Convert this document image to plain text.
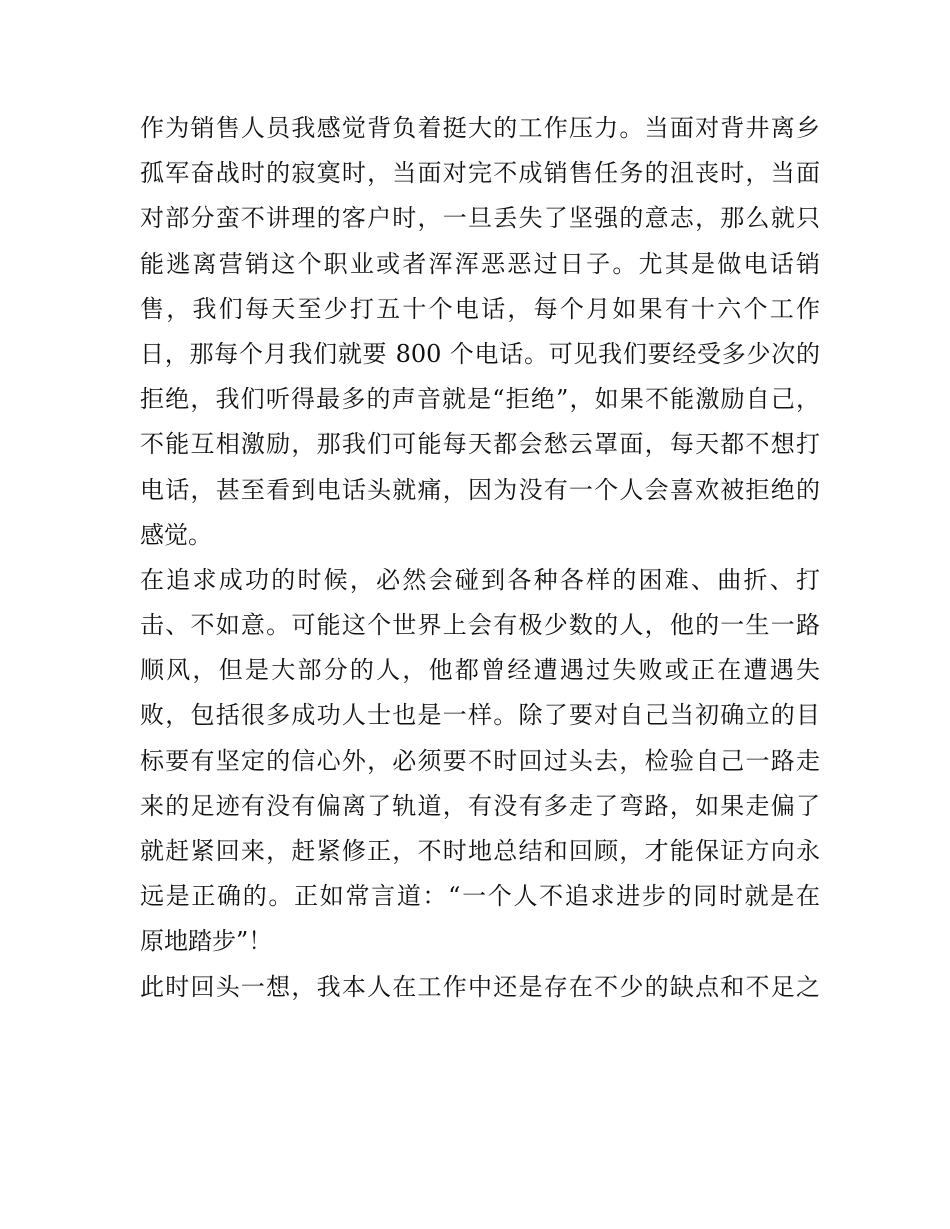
作为销售人员我感觉背负着挺大的工作压力。当面对背井离乡
孤军奋战时的寂寞时，当面对完不成销售任务的沮丧时，当面
对部分蛮不讲理的客户时，一旦丢失了坚强的意志，那么就只
能逃离营销这个职业或者浑浑恶恶过日子。尤其是做电话销
售，我们每天至少打五十个电话，每个月如果有十六个工作
日，那每个月我们就要 800 个电话。可见我们要经受多少次的
拒绝，我们听得最多的声音就是“拒绝”，如果不能激励自己，
不能互相激励，那我们可能每天都会愁云罩面，每天都不想打
电话，甚至看到电话头就痛，因为没有一个人会喜欢被拒绝的
感觉。
在追求成功的时候，必然会碰到各种各样的困难、曲折、打
击、不如意。可能这个世界上会有极少数的人，他的一生一路
顺风，但是大部分的人，他都曾经遭遇过失败或正在遭遇失
败，包括很多成功人士也是一样。除了要对自己当初确立的目
标要有坚定的信心外，必须要不时回过头去，检验自己一路走
来的足迹有没有偏离了轨道，有没有多走了弯路，如果走偏了
就赶紧回来，赶紧修正，不时地总结和回顾，才能保证方向永
远是正确的。正如常言道：“一个人不追求进步的同时就是在
原地踏步”！
此时回头一想，我本人在工作中还是存在不少的缺点和不足之
